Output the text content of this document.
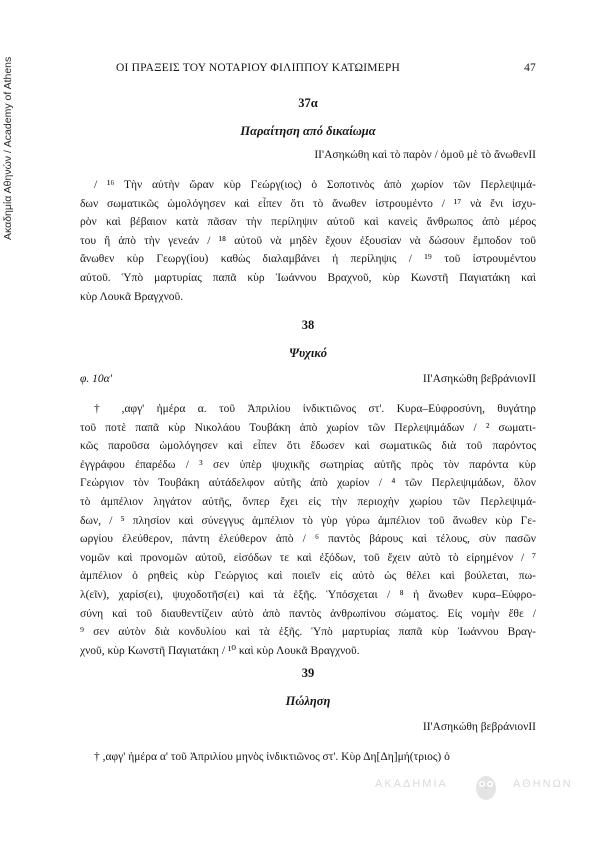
Ακαδημία Αθηνών / Academy of Athens	ΟΙ ΠΡΑΞΕΙΣ ΤΟΥ ΝΟΤΑΡΙΟΥ ΦΙΛΙΠΠΟΥ ΚΑΤΩΙΜΕΡΗ	47
37α
Παραίτηση από δικαίωμα
ΙΙ'Ασηκώθη καὶ τὸ παρὸν / ὁμοῦ μὲ τὸ ἄνωθενΙΙ
/ ¹⁶ Τὴν αὐτὴν ὥραν κὺρ Γεώργ(ιος) ὁ Σοποτινὸς ἀπὸ χωρίον τῶν Περλεψιμά-
δων σωματικῶς ὡμολόγησεν καὶ εἶπεν ὅτι τὸ ἄνωθεν ἰστρουμέντο / ¹⁷ νὰ ἔνι ἰσχυ-
ρὸν καὶ βέβαιον κατὰ πᾶσαν τὴν περίληψιν αὐτοῦ καὶ κανεὶς ἄνθρωπος ἀπὸ μέρος
του ἢ ἀπὸ τὴν γενεάν / ¹⁸ αὐτοῦ νὰ μηδὲν ἔχουν ἐξουσίαν νὰ δώσουν ἔμποδον τοῦ
ἄνωθεν κὺρ Γεωργ(ίου) καθὼς διαλαμβάνει ἡ περίληψις / ¹⁹ τοῦ ἰστρουμέντου
αὐτοῦ. Ὑπὸ μαρτυρίας παπᾶ κὺρ Ἰωάννου Βραχνοῦ, κὺρ Κωνστῆ Παγιατάκη καὶ
κὺρ Λουκᾶ Βραγχνοῦ.
38
Ψυχικό
φ. 10α'	ΙΙ'Ασηκώθη βεβράνιονΙΙ
† ,αφγ' ἡμέρα α. τοῦ Ἀπριλίου ἰνδικτιῶνος στ'. Κυρα–Εὐφροσύνη, θυγάτηρ
τοῦ ποτὲ παπᾶ κὺρ Νικολάου Τουβάκη ἀπὸ χωρίον τῶν Περλεψιμάδων / ² σωματι-
κῶς παροῦσα ὡμολόγησεν καὶ εἶπεν ὅτι ἔδωσεν καὶ σωματικῶς διὰ τοῦ παρόντος
ἐγγράφου ἐπαρέδω / ³ σεν ὑπὲρ ψυχικῆς σωτηρίας αὐτῆς πρὸς τὸν παρόντα κὺρ
Γεώργιον τὸν Τουβάκη αὐτάδελφον αὐτῆς ἀπὸ χωρίον / ⁴ τῶν Περλεψιμάδων, ὅλον
τὸ ἀμπέλιον ληγάτον αὐτῆς, ὅνπερ ἔχει εἰς τὴν περιοχὴν χωρίου τῶν Περλεψιμά-
δων, / ⁵ πλησίον καὶ σύνεγγυς ἀμπέλιον τὸ γὺρ γύρω ἀμπέλιον τοῦ ἄνωθεν κὺρ Γε-
ωργίου ἐλεύθερον, πάντη ἐλεύθερον ἀπὸ / ⁶ παντὸς βάρους καὶ τέλους, σὺν πασῶν
νομῶν καὶ προνομῶν αὐτοῦ, εἰσόδων τε καὶ ἐξόδων, τοῦ ἔχειν αὐτὸ τὸ εἰρημένον / ⁷
ἀμπέλιον ὁ ρηθεὶς κὺρ Γεώργιος καὶ ποιεῖν εἰς αὐτὸ ὡς θέλει καὶ βούλεται, πω-
λ(εῖν), χαρίσ(ει), ψυχοδοτῆσ(ει) καὶ τὰ ἑξῆς. Ὑπόσχεται / ⁸ ἡ ἄνωθεν κυρα–Εὐφρο-
σύνη καὶ τοῦ διαυθεντίζειν αὐτὸ ἀπὸ παντὸς ἀνθρωπίνου σώματος. Εἰς νομὴν ἔθε /
⁹ σεν αὐτὸν διὰ κονδυλίου καὶ τὰ ἑξῆς. Ὑπὸ μαρτυρίας παπᾶ κὺρ Ἰωάννου Βραγ-
χνοῦ, κὺρ Κωνστῆ Παγιατάκη / ¹⁰ καὶ κὺρ Λουκᾶ Βραγχνοῦ.
39
Πώληση
ΙΙ'Ασηκώθη βεβράνιονΙΙ
† ,αφγ' ἡμέρα α' τοῦ Ἀπριλίου μηνὸς ἰνδικτιῶνος στ'. Κὺρ Δη[Δη]μή(τριος) ὁ
ΑΚΑΔΗΜΙΑ	ΑΘΗΝΩΝ
